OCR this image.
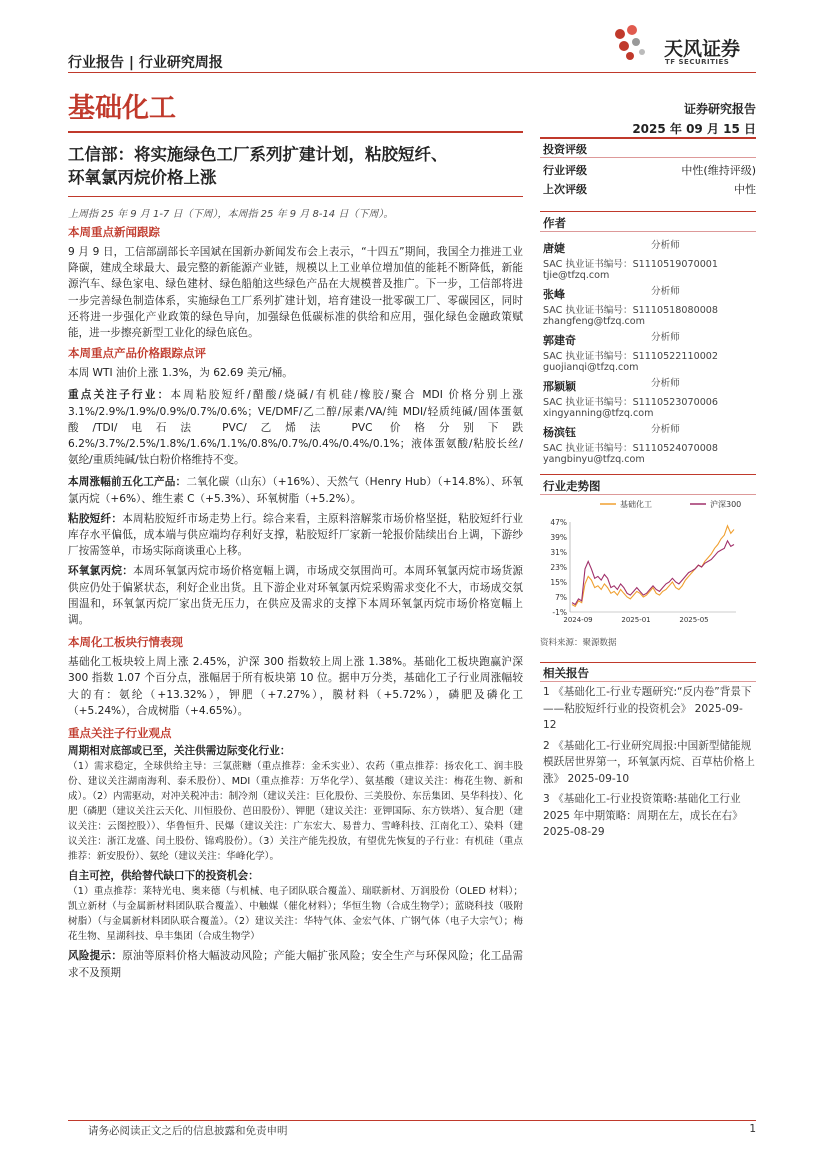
行业报告 | 行业研究周报
天风证券
TF SECURITIES
基础化工	证券研究报告
2025 年 09 月 15 日
工信部：将实施绿色工厂系列扩建计划，粘胶短纤、
环氧氯丙烷价格上涨
投资评级
行业评级	中性(维持评级)
上次评级	中性
作者
唐婕	分析师
SAC 执业证书编号：S1110519070001
tjie@tfzq.com
张峰	分析师
SAC 执业证书编号：S1110518080008
zhangfeng@tfzq.com
郭建奇	分析师
SAC 执业证书编号：S1110522110002
guojianqi@tfzq.com
邢颖颖	分析师
SAC 执业证书编号：S1110523070006
xingyanning@tfzq.com
杨滨钰	分析师
SAC 执业证书编号：S1110524070008
yangbinyu@tfzq.com
行业走势图
基础化工	沪深300
47%
39%
31%
23%
15%
7%
-1%
2024-09	2025-01	2025-05
资料来源：聚源数据
相关报告
1 《基础化工-行业专题研究:“反内卷”背景下——粘胶短纤行业的投资机会》 2025-09-12
2 《基础化工-行业研究周报:中国新型储能规模跃居世界第一，环氧氯丙烷、百草枯价格上涨》 2025-09-10
3 《基础化工-行业投资策略:基础化工行业 2025 年中期策略：周期在左，成长在右》 2025-08-29
上周指 25 年 9 月 1-7 日（下周），本周指 25 年 9 月 8-14 日（下周）。
本周重点新闻跟踪
9 月 9 日，工信部副部长辛国斌在国新办新闻发布会上表示，“十四五”期间，我国全力推进工业降碳，建成全球最大、最完整的新能源产业链，规模以上工业单位增加值的能耗不断降低，新能源汽车、绿色家电、绿色建材、绿色船舶这些绿色产品在大规模普及推广。下一步，工信部将进一步完善绿色制造体系，实施绿色工厂系列扩建计划，培育建设一批零碳工厂、零碳园区，同时还将进一步强化产业政策的绿色导向，加强绿色低碳标准的供给和应用，强化绿色金融政策赋能，进一步擦亮新型工业化的绿色底色。
本周重点产品价格跟踪点评
本周 WTI 油价上涨 1.3%，为 62.69 美元/桶。
重点关注子行业：本周粘胶短纤/醋酸/烧碱/有机硅/橡胶/聚合 MDI 价格分别上涨 3.1%/2.9%/1.9%/0.9%/0.7%/0.6%；VE/DMF/乙二醇/尿素/VA/纯 MDI/轻质纯碱/固体蛋氨酸/TDI/电石法 PVC/乙烯法 PVC 价格分别下跌 6.2%/3.7%/2.5%/1.8%/1.6%/1.1%/0.8%/0.7%/0.4%/0.4%/0.1%；液体蛋氨酸/粘胶长丝/氨纶/重质纯碱/钛白粉价格维持不变。
本周涨幅前五化工产品：二氧化碳（山东）（+16%）、天然气（Henry Hub）（+14.8%）、环氧氯丙烷（+6%）、维生素 C（+5.3%）、环氧树脂（+5.2%）。
粘胶短纤：本周粘胶短纤市场走势上行。综合来看，主原料溶解浆市场价格坚挺，粘胶短纤行业库存水平偏低，成本端与供应端均存利好支撑，粘胶短纤厂家新一轮报价陆续出台上调，下游纱厂按需签单，市场实际商谈重心上移。
环氧氯丙烷：本周环氧氯丙烷市场价格宽幅上调，市场成交氛围尚可。本周环氧氯丙烷市场货源供应仍处于偏紧状态，利好企业出货。且下游企业对环氧氯丙烷采购需求变化不大，市场成交氛围温和，环氧氯丙烷厂家出货无压力，在供应及需求的支撑下本周环氧氯丙烷市场价格宽幅上调。
本周化工板块行情表现
基础化工板块较上周上涨 2.45%，沪深 300 指数较上周上涨 1.38%。基础化工板块跑赢沪深 300 指数 1.07 个百分点，涨幅居于所有板块第 10 位。据申万分类，基础化工子行业周涨幅较大的有：氨纶（+13.32%），钾肥（+7.27%），膜材料（+5.72%），磷肥及磷化工（+5.24%），合成树脂（+4.65%）。
重点关注子行业观点
周期相对底部或已至，关注供需边际变化行业：
（1）需求稳定，全球供给主导：三氯蔗糖（重点推荐：金禾实业）、农药（重点推荐：扬农化工、润丰股份、建议关注湖南海利、泰禾股份）、MDI（重点推荐：万华化学）、氨基酸（建议关注：梅花生物、新和成）。（2）内需驱动，对冲关税冲击：制冷剂（建议关注：巨化股份、三美股份、东岳集团、昊华科技）、化肥（磷肥（建议关注云天化、川恒股份、芭田股份）、钾肥（建议关注：亚钾国际、东方铁塔）、复合肥（建议关注：云图控股））、华鲁恒升、民爆（建议关注：广东宏大、易普力、雪峰科技、江南化工）、染料（建议关注：浙江龙盛、闰土股份、锦鸡股份）。（3）关注产能先投放，有望优先恢复的子行业：有机硅（重点推荐：新安股份）、氨纶（建议关注：华峰化学）。
自主可控，供给替代缺口下的投资机会：
（1）重点推荐：莱特光电、奥来德（与机械、电子团队联合覆盖）、瑞联新材、万润股份（OLED 材料）；凯立新材（与金属新材料团队联合覆盖）、中触媒（催化材料）；华恒生物（合成生物学）；蓝晓科技（吸附树脂）（与金属新材料团队联合覆盖）。（2）建议关注：华特气体、金宏气体、广钢气体（电子大宗气）；梅花生物、星湖科技、阜丰集团（合成生物学）
风险提示：原油等原料价格大幅波动风险；产能大幅扩张风险；安全生产与环保风险；化工品需求不及预期
请务必阅读正文之后的信息披露和免责申明	1
